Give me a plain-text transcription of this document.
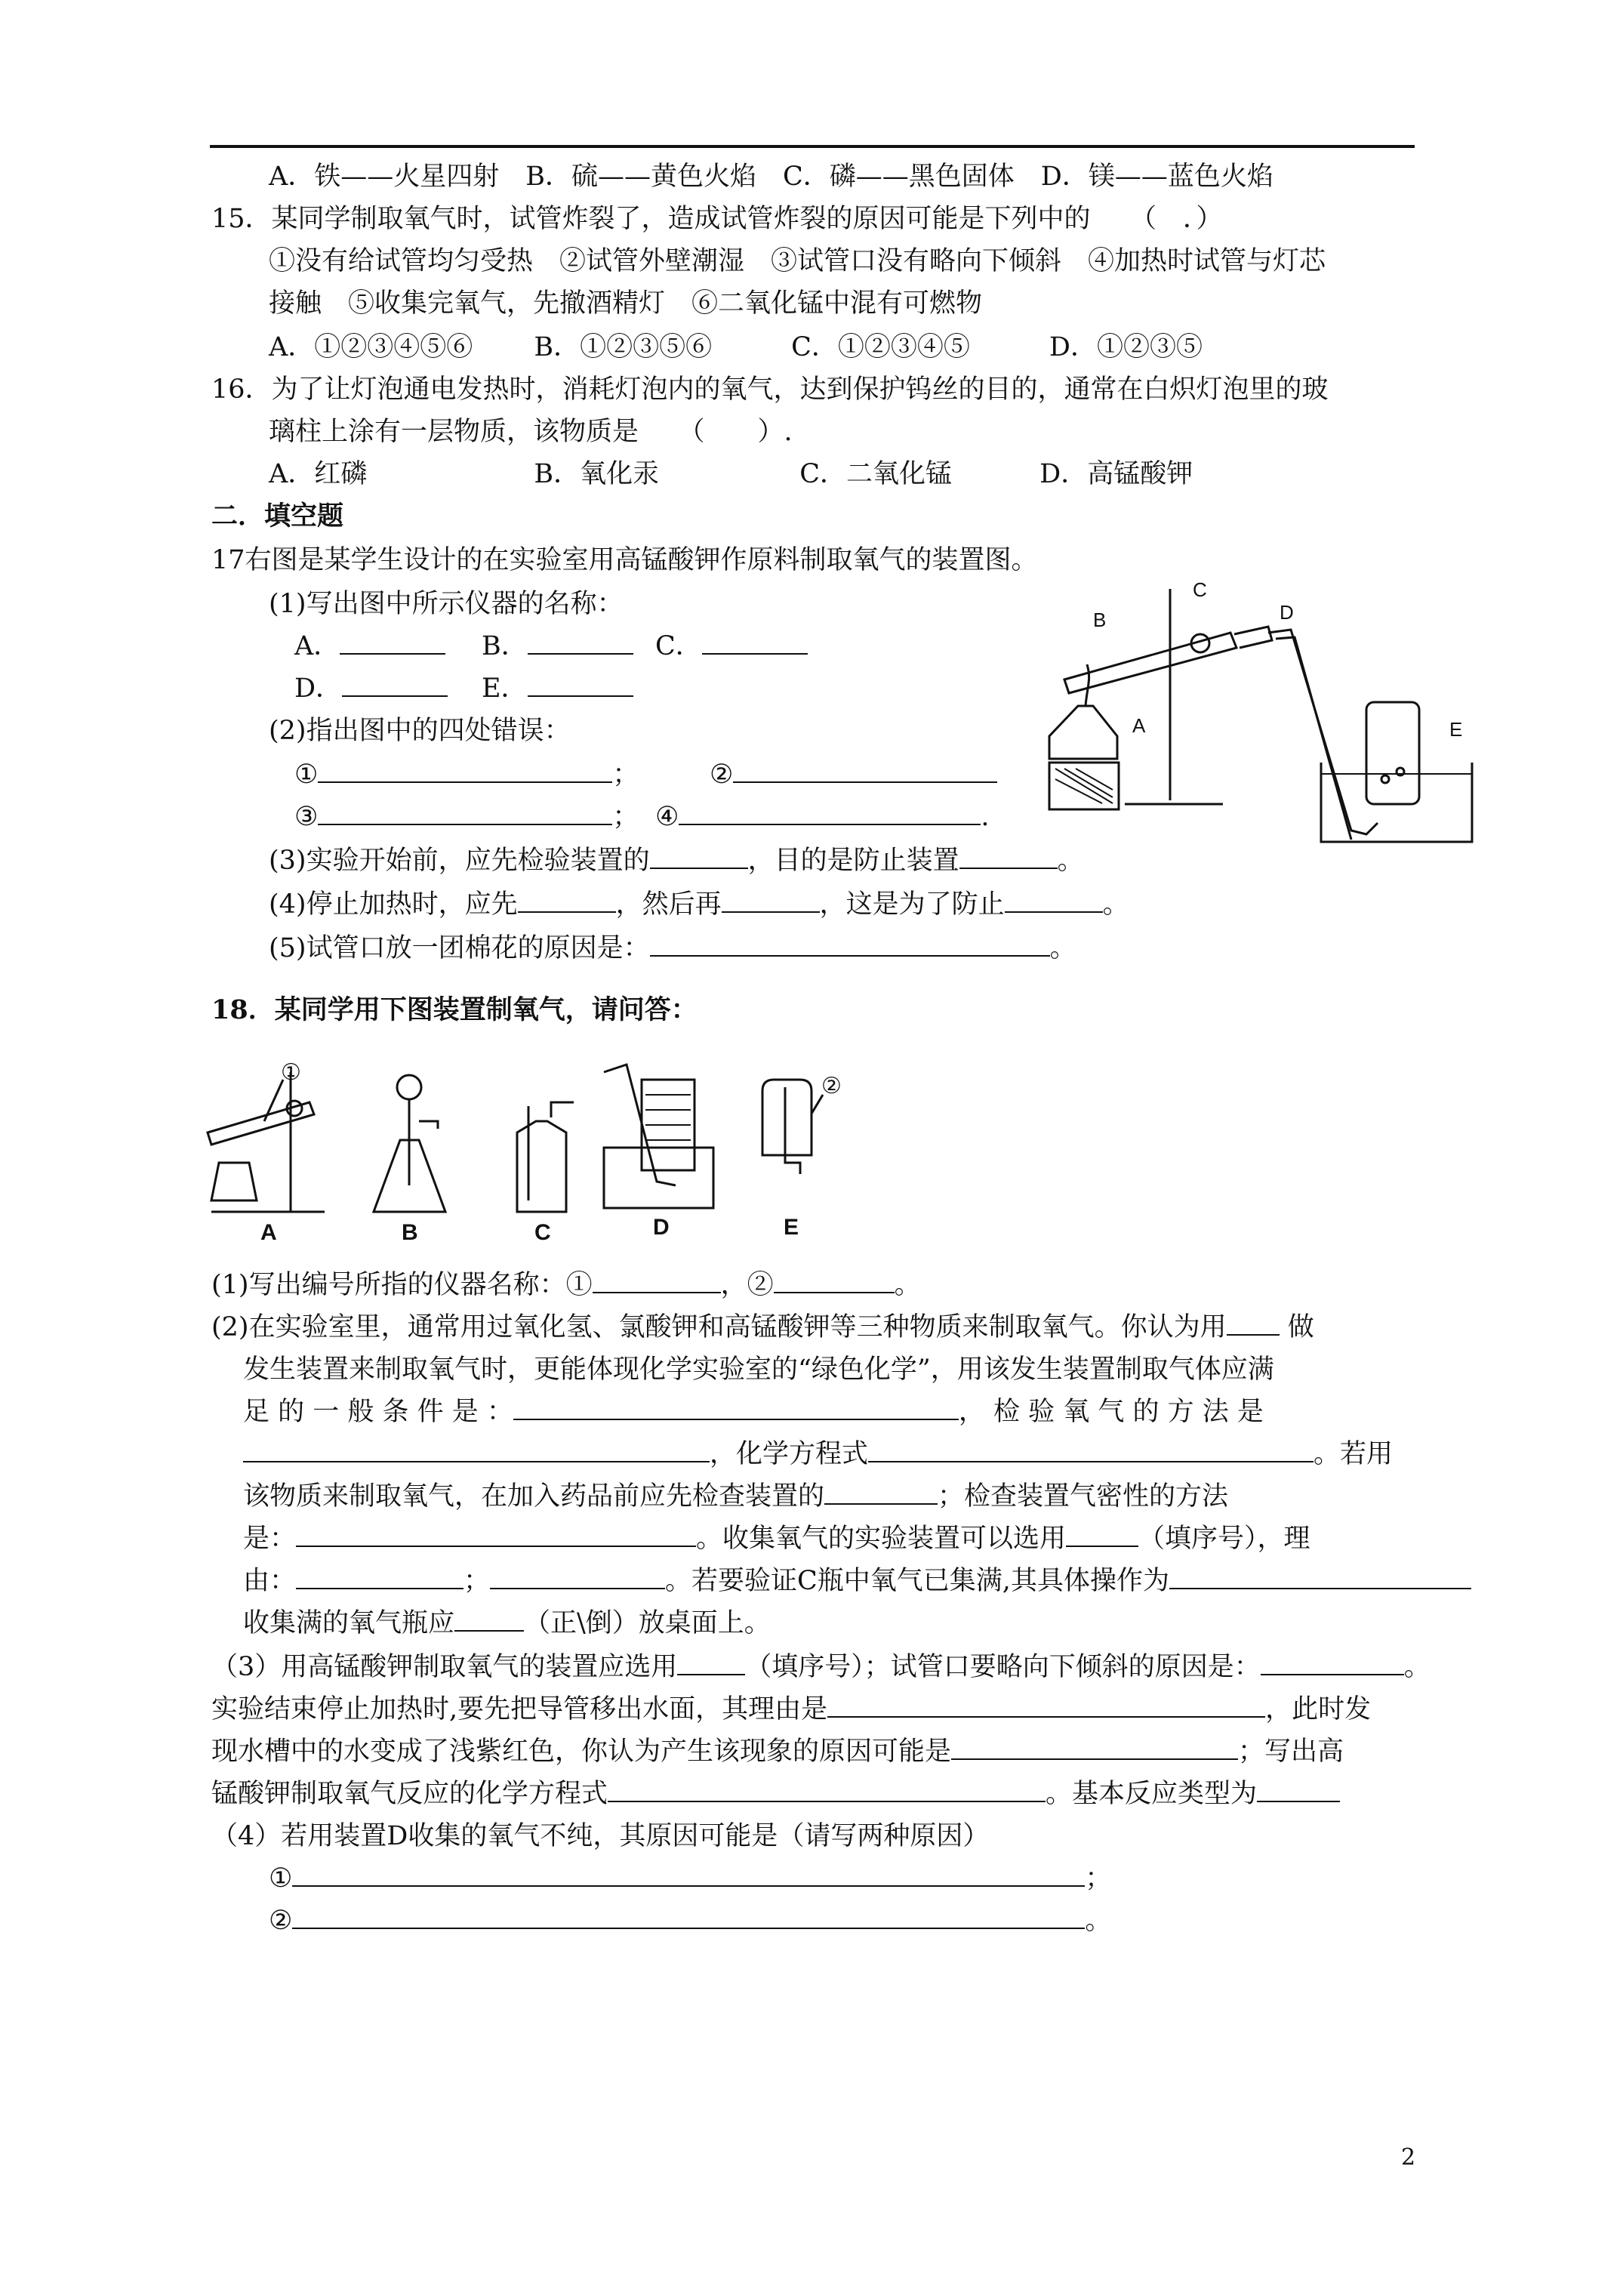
A．铁——火星四射　B．硫——黄色火焰　C．磷——黑色固体　D．镁——蓝色火焰
15．某同学制取氧气时，试管炸裂了，造成试管炸裂的原因可能是下列中的　　（　．）
①没有给试管均匀受热　②试管外壁潮湿　③试管口没有略向下倾斜　④加热时试管与灯芯
接触　⑤收集完氧气，先撤酒精灯　⑥二氧化锰中混有可燃物
A．①②③④⑤⑥　　 B．①②③⑤⑥　　　C．①②③④⑤　　　D．①②③⑤
16．为了让灯泡通电发热时，消耗灯泡内的氧气，达到保护钨丝的目的，通常在白炽灯泡里的玻
璃柱上涂有一层物质，该物质是　　（　　）.
A．红磷　　　　　　 B．氧化汞　　　　　 C．二氧化锰　　　 D．高锰酸钾
二．填空题
17右图是某学生设计的在实验室用高锰酸钾作原料制取氧气的装置图。
(1)写出图中所示仪器的名称：
A．	B．	C．
D．	E．
(2)指出图中的四处错误：
①	；	②
③	； ④	.
(3)实验开始前，应先检验装置的	，目的是防止装置	。
(4)停止加热时，应先	，然后再	，这是为了防止	。
(5)试管口放一团棉花的原因是：	。
B
C
D
A	E
18．某同学用下图装置制氧气，请问答：
①
②
A	B	C	D	E
(1)写出编号所指的仪器名称：①	，②	。
(2)在实验室里，通常用过氧化氢、氯酸钾和高锰酸钾等三种物质来制取氧气。你认为用 做
发生装置来制取氧气时，更能体现化学实验室的“绿色化学”，用该发生装置制取气体应满
足 的 一 般 条 件 是 ：	， 检 验 氧 气 的 方 法 是
，化学方程式	。若用
该物质来制取氧气，在加入药品前应先检查装置的	；检查装置气密性的方法
是：	。收集氧气的实验装置可以选用	（填序号），理
由：	；	。若要验证C瓶中氧气已集满,其具体操作为
收集满的氧气瓶应	（正\倒）放桌面上。
（3）用高锰酸钾制取氧气的装置应选用	（填序号）；试管口要略向下倾斜的原因是：	。
实验结束停止加热时,要先把导管移出水面，其理由是	，此时发
现水槽中的水变成了浅紫红色，你认为产生该现象的原因可能是	；写出高
锰酸钾制取氧气反应的化学方程式	。基本反应类型为
（4）若用装置D收集的氧气不纯，其原因可能是（请写两种原因）
①	；
②	。
2
